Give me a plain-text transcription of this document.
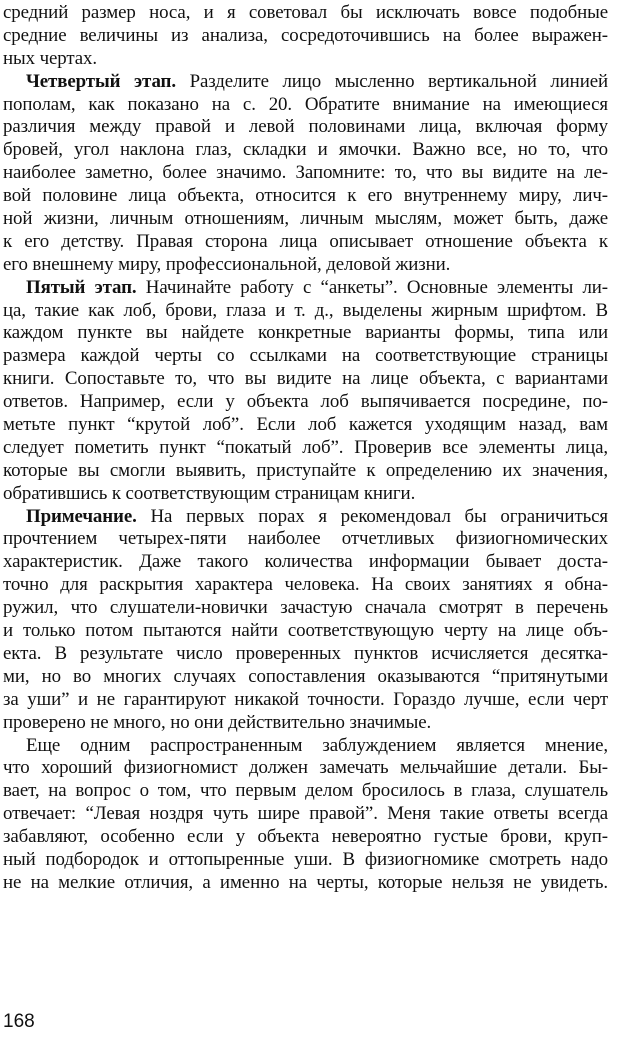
средний размер носа, и я советовал бы исключать вовсе подобные
средние величины из анализа, сосредоточившись на более выражен-
ных чертах.
Четвертый этап. Разделите лицо мысленно вертикальной линией
пополам, как показано на с. 20. Обратите внимание на имеющиеся
различия между правой и левой половинами лица, включая форму
бровей, угол наклона глаз, складки и ямочки. Важно все, но то, что
наиболее заметно, более значимо. Запомните: то, что вы видите на ле-
вой половине лица объекта, относится к его внутреннему миру, лич-
ной жизни, личным отношениям, личным мыслям, может быть, даже
к его детству. Правая сторона лица описывает отношение объекта к
его внешнему миру, профессиональной, деловой жизни.
Пятый этап. Начинайте работу с “анкеты”. Основные элементы ли-
ца, такие как лоб, брови, глаза и т. д., выделены жирным шрифтом. В
каждом пункте вы найдете конкретные варианты формы, типа или
размера каждой черты со ссылками на соответствующие страницы
книги. Сопоставьте то, что вы видите на лице объекта, с вариантами
ответов. Например, если у объекта лоб выпячивается посредине, по-
метьте пункт “крутой лоб”. Если лоб кажется уходящим назад, вам
следует пометить пункт “покатый лоб”. Проверив все элементы лица,
которые вы смогли выявить, приступайте к определению их значения,
обратившись к соответствующим страницам книги.
Примечание. На первых порах я рекомендовал бы ограничиться
прочтением четырех-пяти наиболее отчетливых физиогномических
характеристик. Даже такого количества информации бывает доста-
точно для раскрытия характера человека. На своих занятиях я обна-
ружил, что слушатели-новички зачастую сначала смотрят в перечень
и только потом пытаются найти соответствующую черту на лице объ-
екта. В результате число проверенных пунктов исчисляется десятка-
ми, но во многих случаях сопоставления оказываются “притянутыми
за уши” и не гарантируют никакой точности. Гораздо лучше, если черт
проверено не много, но они действительно значимые.
Еще одним распространенным заблуждением является мнение,
что хороший физиогномист должен замечать мельчайшие детали. Бы-
вает, на вопрос о том, что первым делом бросилось в глаза, слушатель
отвечает: “Левая ноздря чуть шире правой”. Меня такие ответы всегда
забавляют, особенно если у объекта невероятно густые брови, круп-
ный подбородок и оттопыренные уши. В физиогномике смотреть надо
не на мелкие отличия, а именно на черты, которые нельзя не увидеть.
168
